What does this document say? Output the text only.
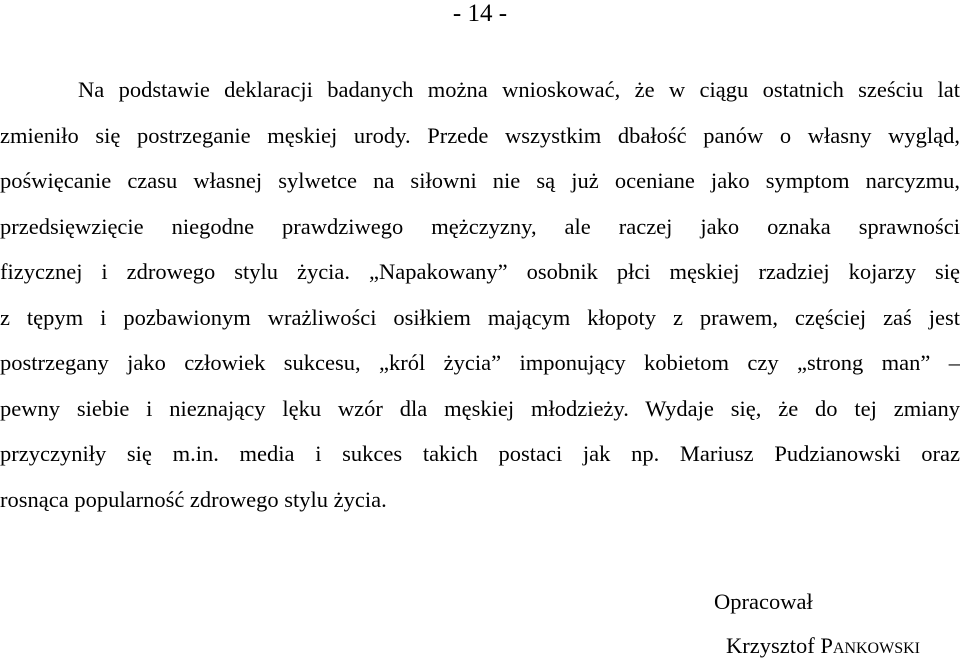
- 14 -
Na podstawie deklaracji badanych można wnioskować, że w ciągu ostatnich sześciu lat
zmieniło się postrzeganie męskiej urody. Przede wszystkim dbałość panów o własny wygląd,
poświęcanie czasu własnej sylwetce na siłowni nie są już oceniane jako symptom narcyzmu,
przedsięwzięcie niegodne prawdziwego mężczyzny, ale raczej jako oznaka sprawności
fizycznej i zdrowego stylu życia. „Napakowany” osobnik płci męskiej rzadziej kojarzy się
z tępym i pozbawionym wrażliwości osiłkiem mającym kłopoty z prawem, częściej zaś jest
postrzegany jako człowiek sukcesu, „król życia” imponujący kobietom czy „strong man” –
pewny siebie i nieznający lęku wzór dla męskiej młodzieży. Wydaje się, że do tej zmiany
przyczyniły się m.in. media i sukces takich postaci jak np. Mariusz Pudzianowski oraz
rosnąca popularność zdrowego stylu życia.
Opracował
Krzysztof Pankowski
